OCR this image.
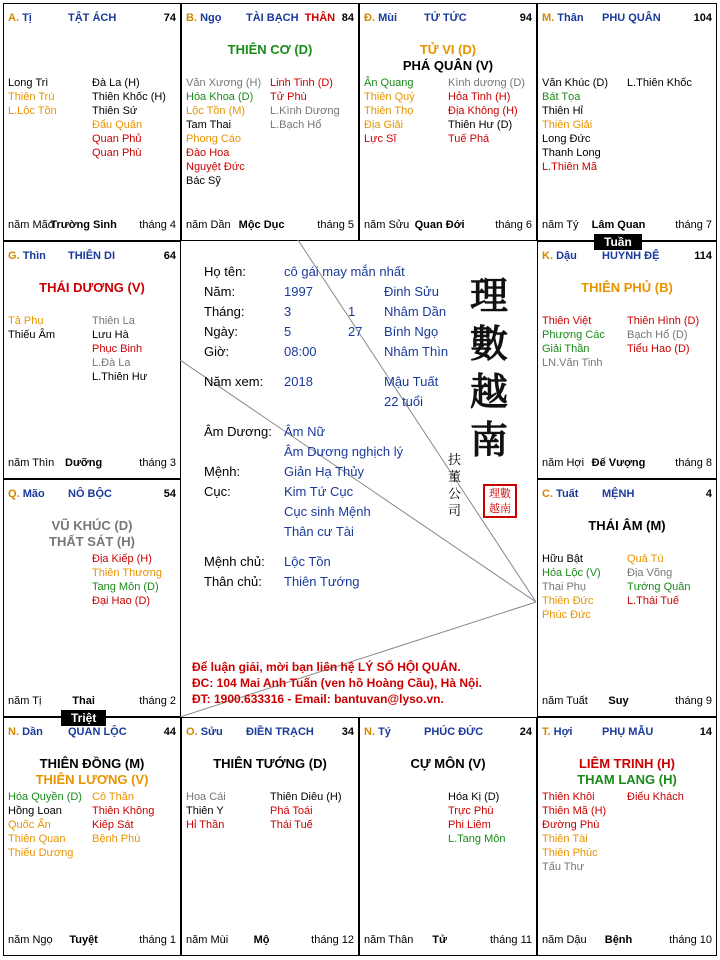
A. Tị	TẬT ÁCH	74
Long Trì
Thiên Trù
L.Lộc Tồn
Đà La (H)
Thiên Khốc (H)
Thiên Sứ
Đẩu Quân
Quan Phủ
Quan Phù
năm Mão
Trường Sinh tháng 4
B. Ngọ TÀI BẠCH THÂN 84
THIÊN CƠ (D)
Văn Xương (H)
Hóa Khoa (D)
Lộc Tồn (M)
Tam Thai
Phong Cáo
Đào Hoa
Nguyệt Đức
Bác Sỹ
Linh Tinh (D)
Tử Phù
L.Kình Dương
L.Bạch Hổ
năm Dần Mộc Dục	tháng 5
Đ. Mùi TỨ TỨC	94
TỬ VI (D)
PHÁ QUÂN (V)
Ân Quang
Thiên Quý
Thiên Thọ
Địa Giải
Lực Sĩ
Kình dương (D)
Hỏa Tinh (H)
Địa Không (H)
Thiên Hư (D)
Tuế Phá
năm Sửu Quan Đới	tháng 6
M. Thân PHU QUÂN	104
Văn Khúc (D)
Bát Tọa
Thiên Hỉ
Thiên Giải
Long Đức
Thanh Long
L.Thiên Mã
L.Thiên Khốc
năm Tý Lâm Quan	tháng 7
G. Thìn THIÊN DI	64
THÁI DƯƠNG (V)
Tả Phụ
Thiếu Âm
Thiên La
Lưu Hà
Phục Binh
L.Đà La
L.Thiên Hư
năm Thìn Dưỡng	tháng 3
K. Dậu HUYNH ĐỆ	114
THIÊN PHỦ (B)
Thiên Việt
Phượng Các
Giải Thần
LN.Văn Tinh
Thiên Hình (D)
Bạch Hổ (D)
Tiểu Hao (D)
năm Hợi Đế Vượng	tháng 8
Q. Mão NÔ BỘC	54
VŨ KHÚC (D)
THẤT SÁT (H)
Địa Kiếp (H)
Thiên Thương
Tang Môn (D)
Đại Hao (D)
năm Tị	Thai	tháng 2
C. Tuất MỆNH	4
THÁI ÂM (M)
Hữu Bật
Hóa Lộc (V)
Thai Phụ
Thiên Đức
Phúc Đức
Quả Tú
Địa Võng
Tướng Quân
L.Thái Tuế
năm Tuất Suy	tháng 9
N. Dần QUAN LỘC	44
THIÊN ĐỒNG (M)
THIÊN LƯƠNG (V)
Hóa Quyền (D)
Hồng Loan
Quốc Ấn
Thiên Quan
Thiếu Dương
Cô Thần
Thiên Không
Kiếp Sát
Bệnh Phù
năm Ngọ Tuyệt	tháng 1
O. Sửu ĐIỀN TRẠCH	34
THIÊN TƯỚNG (D)
Hoa Cái
Thiên Y
Hỉ Thần
Thiên Diêu (H)
Phá Toái
Thái Tuế
năm Mùi Mộ	tháng 12
N. Tý	PHÚC ĐỨC	24
CỰ MÔN (V)
Hóa Kị (D)
Trực Phù
Phi Liêm
L.Tang Môn
năm Thân Tử	tháng 11
T. Hợi	PHỤ MẪU	14
LIÊM TRINH (H)
THAM LANG (H)
Thiên Khôi
Thiên Mã (H)
Đường Phù
Thiên Tài
Thiên Phúc
Tấu Thư
Điếu Khách
năm Dậu Bệnh	tháng 10
Họ tên:	cô gái may mắn nhất
Năm:	1997	Đinh Sửu
Tháng:	3	1 Nhâm Dần
Ngày:	5	27 Bính Ngọ
Giờ:	08:00	Nhâm Thìn
Năm xem: 2018	Mậu Tuất
22 tuổi
Âm Dương: Âm Nữ
Âm Dương nghịch lý
Mệnh:	Giản Hạ Thủy
Cục:	Kim Tứ Cục
Cục sinh Mệnh
Thân cư Tài
Mệnh chủ: Lộc Tồn
Thân chủ: Thiên Tướng
理
數
越
南
理數
越南
扶董公司
Để luận giải, mời bạn liên hệ LÝ SỐ HỘI QUÁN.
ĐC: 104 Mai Anh Tuấn (ven hồ Hoàng Cầu), Hà Nội.
ĐT: 1900.633316 - Email: bantuvan@lyso.vn.
Tuần
Triệt
